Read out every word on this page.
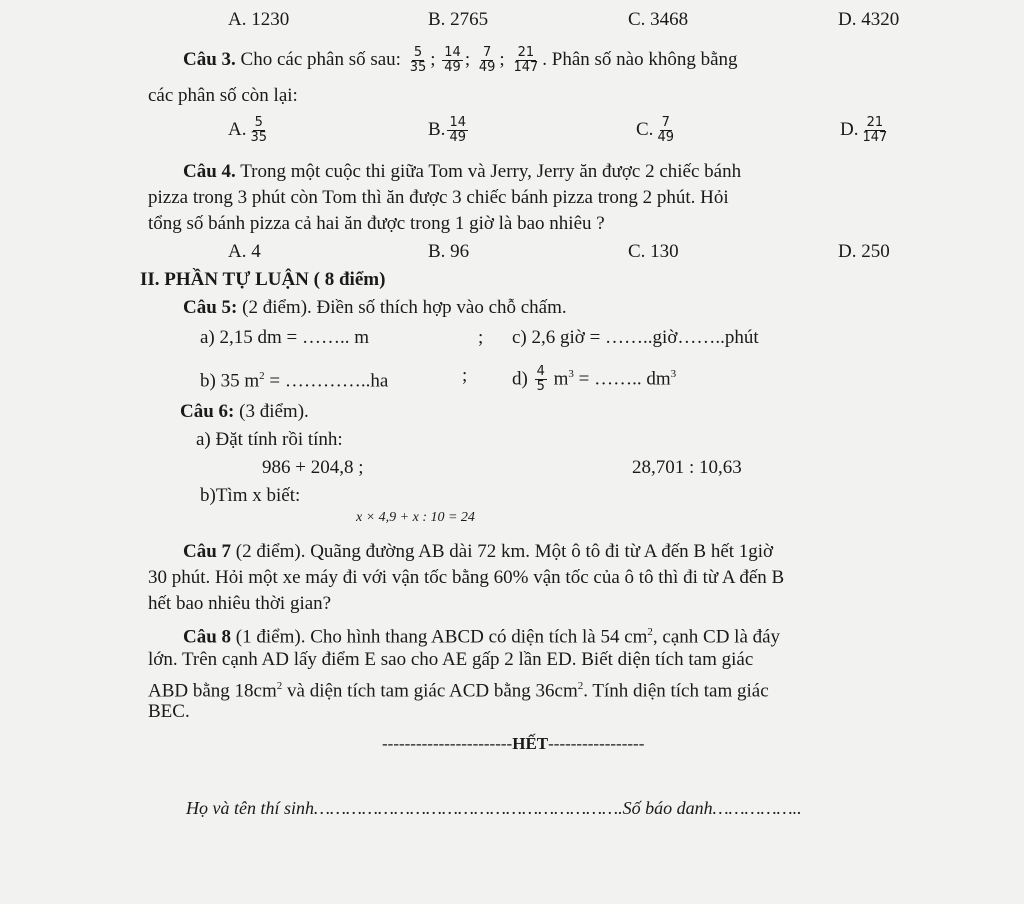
A. 1230	B. 2765	C. 3468	D. 4320
Câu 3. Cho các phân số sau: $\frac{5}{35}$ ; $\frac{14}{49}$ ; $\frac{7}{49}$ ; $\frac{21}{147}$ . Phân số nào không bằng
các phân số còn lại:
A. $\frac{5}{35}$	B. $\frac{14}{49}$	C. $\frac{7}{49}$	D. $\frac{21}{147}$
Câu 4. Trong một cuộc thi giữa Tom và Jerry, Jerry ăn được 2 chiếc bánh
pizza trong 3 phút còn Tom thì ăn được 3 chiếc bánh pizza trong 2 phút. Hỏi
tổng số bánh pizza cả hai ăn được trong 1 giờ là bao nhiêu ?
A. 4	B. 96	C. 130	D. 250
II. PHẦN TỰ LUẬN ( 8 điểm)
Câu 5: (2 điểm). Điền số thích hợp vào chỗ chấm.
a) 2,15 dm = …….. m	; c) 2,6 giờ = ……..giờ……..phút
b) 35 $m^2$ = …………..ha	; $d) \frac{4}{5} m^3$ = …….. $dm^3$
Câu 6: (3 điểm).
a) Đặt tính rồi tính:
986 + 204,8 ;	28,701 : 10,63
b)Tìm x biết:
x × 4,9 + x : 10 = 24
Câu 7 (2 điểm). Quãng đường AB dài 72 km. Một ô tô đi từ A đến B hết 1giờ
30 phút. Hỏi một xe máy đi với vận tốc bằng 60% vận tốc của ô tô thì đi từ A đến B
hết bao nhiêu thời gian?
Câu 8 (1 điểm). Cho hình thang ABCD có diện tích là 54 $cm^2$, cạnh CD là đáy
lớn. Trên cạnh AD lấy điểm E sao cho AE gấp 2 lần ED. Biết diện tích tam giác
ABD bằng $18cm^2$ và diện tích tam giác ACD bằng $36cm^2$. Tính diện tích tam giác
BEC.
-----------------------HẾT-----------------
Họ và tên thí sinh………………………………………………….Số báo danh……………..
